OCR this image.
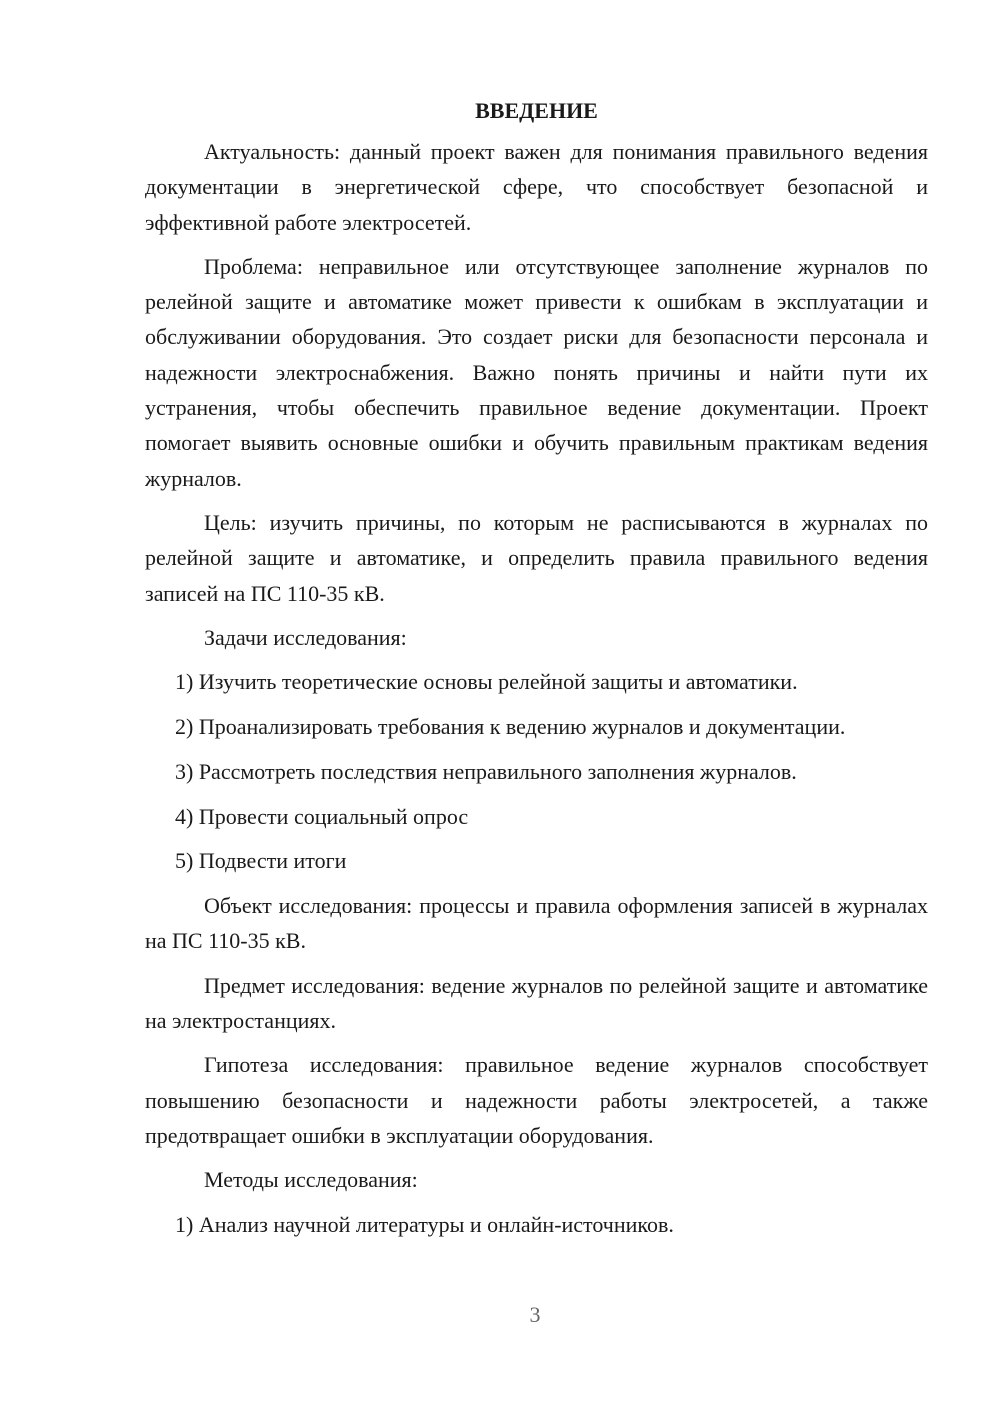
ВВЕДЕНИЕ

Актуальность: данный проект важен для понимания правильного ведения документации в энергетической сфере, что способствует безопасной и эффективной работе электросетей.

Проблема: неправильное или отсутствующее заполнение журналов по релейной защите и автоматике может привести к ошибкам в эксплуатации и обслуживании оборудования. Это создает риски для безопасности персонала и надежности электроснабжения. Важно понять причины и найти пути их устранения, чтобы обеспечить правильное ведение документации. Проект помогает выявить основные ошибки и обучить правильным практикам ведения журналов.

Цель: изучить причины, по которым не расписываются в журналах по релейной защите и автоматике, и определить правила правильного ведения записей на ПС 110-35 кВ.

Задачи исследования:

1) Изучить теоретические основы релейной защиты и автоматики.

2) Проанализировать требования к ведению журналов и документации.

3) Рассмотреть последствия неправильного заполнения журналов.

4) Провести социальный опрос

5) Подвести итоги

Объект исследования: процессы и правила оформления записей в журналах на ПС 110-35 кВ.

Предмет исследования: ведение журналов по релейной защите и автоматике на электростанциях.

Гипотеза исследования: правильное ведение журналов способствует повышению безопасности и надежности работы электросетей, а также предотвращает ошибки в эксплуатации оборудования.

Методы исследования:

1) Анализ научной литературы и онлайн-источников.

3
